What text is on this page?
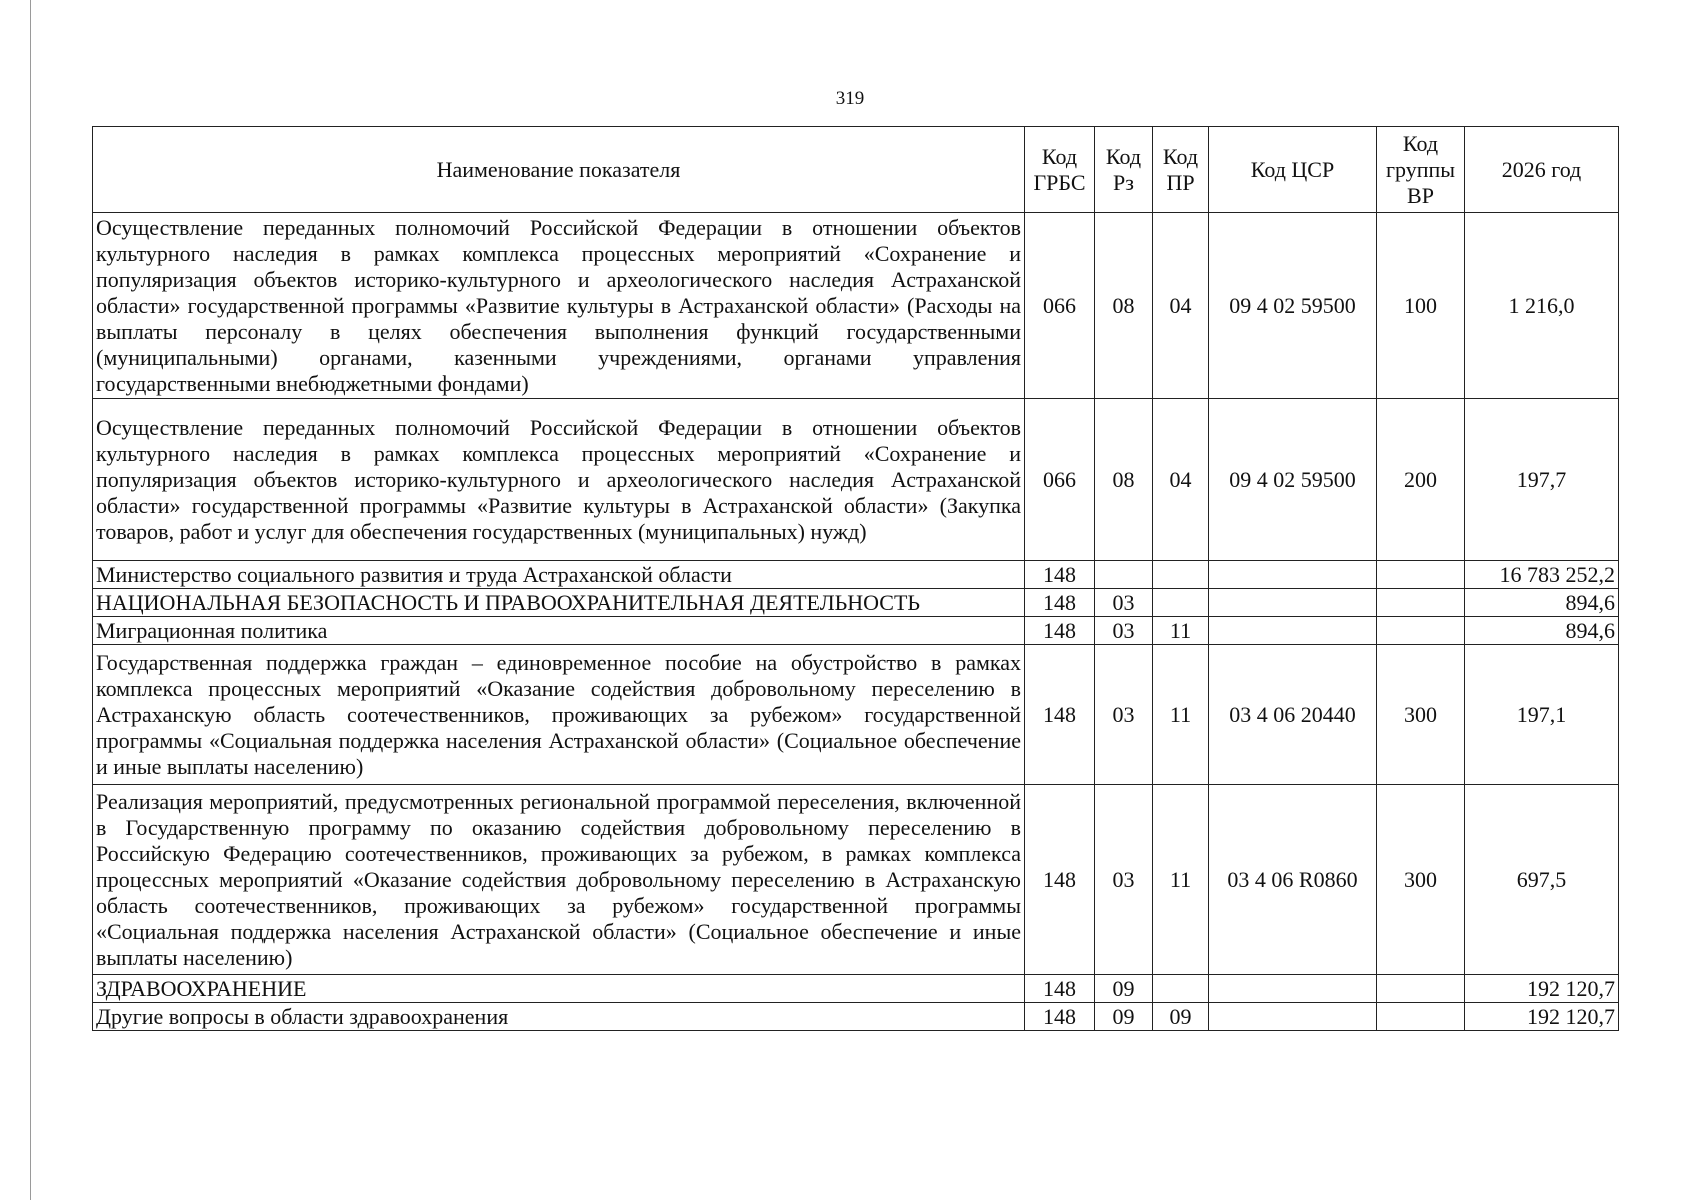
319
Наименование показателя	Код ГРБС	Код Рз	Код ПР	Код ЦСР	Код группы ВР	2026 год
Осуществление переданных полномочий Российской Федерации в отношении объектов культурного наследия в рамках комплекса процессных мероприятий «Сохранение и популяризация объектов историко-культурного и археологического наследия Астраханской области» государственной программы «Развитие культуры в Астраханской области» (Расходы на выплаты персоналу в целях обеспечения выполнения функций государственными (муниципальными) органами, казенными учреждениями, органами управления государственными внебюджетными фондами)	066	08	04	09 4 02 59500	100	1 216,0
Осуществление переданных полномочий Российской Федерации в отношении объектов культурного наследия в рамках комплекса процессных мероприятий «Сохранение и популяризация объектов историко-культурного и археологического наследия Астраханской области» государственной программы «Развитие культуры в Астраханской области» (Закупка товаров, работ и услуг для обеспечения государственных (муниципальных) нужд)	066	08	04	09 4 02 59500	200	197,7
Министерство социального развития и труда Астраханской области	148					16 783 252,2
НАЦИОНАЛЬНАЯ БЕЗОПАСНОСТЬ И ПРАВООХРАНИТЕЛЬНАЯ ДЕЯТЕЛЬНОСТЬ	148	03				894,6
Миграционная политика	148	03	11			894,6
Государственная поддержка граждан – единовременное пособие на обустройство в рамках комплекса процессных мероприятий «Оказание содействия добровольному переселению в Астраханскую область соотечественников, проживающих за рубежом» государственной программы «Социальная поддержка населения Астраханской области» (Социальное обеспечение и иные выплаты населению)	148	03	11	03 4 06 20440	300	197,1
Реализация мероприятий, предусмотренных региональной программой переселения, включенной в Государственную программу по оказанию содействия добровольному переселению в Российскую Федерацию соотечественников, проживающих за рубежом, в рамках комплекса процессных мероприятий «Оказание содействия добровольному переселению в Астраханскую область соотечественников, проживающих за рубежом» государственной программы «Социальная поддержка населения Астраханской области» (Социальное обеспечение и иные выплаты населению)	148	03	11	03 4 06 R0860	300	697,5
ЗДРАВООХРАНЕНИЕ	148	09				192 120,7
Другие вопросы в области здравоохранения	148	09	09			192 120,7
